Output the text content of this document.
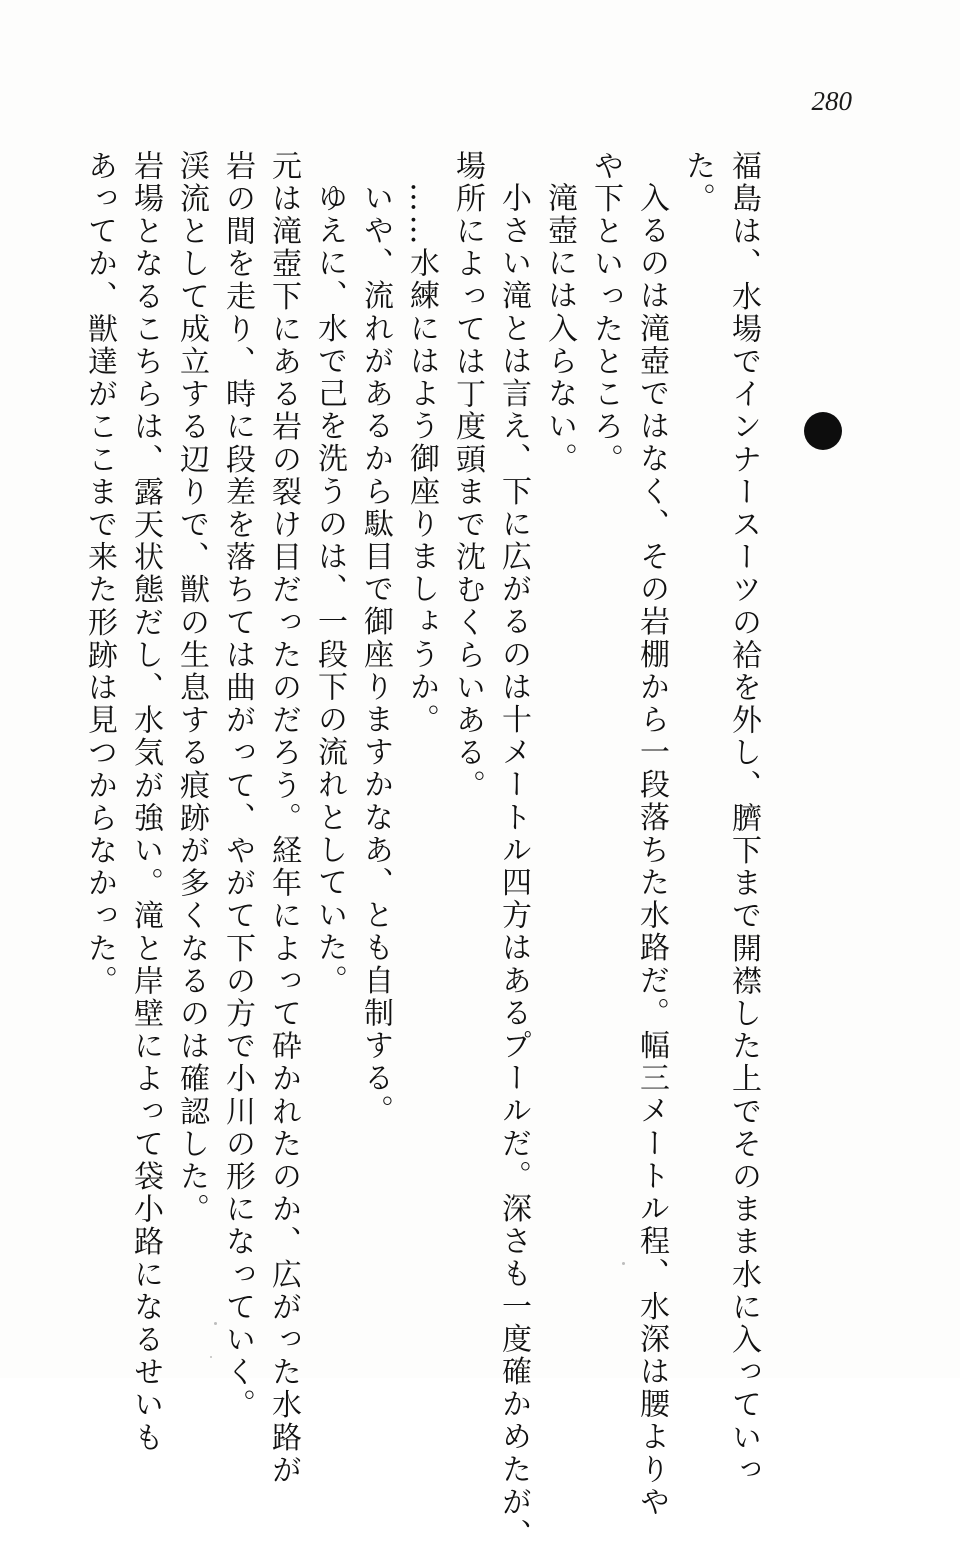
280
福島は、水場でインナースーツの袷を外し、臍下まで開襟した上でそのまま水に入っていっ
た。
入るのは滝壺ではなく、その岩棚から一段落ちた水路だ。幅三メートル程、水深は腰よりや
や下といったところ。
滝壺には入らない。
小さい滝とは言え、下に広がるのは十メートル四方はあるプールだ。深さも一度確かめたが、
場所によっては丁度頭まで沈むくらいある。
……水練にはよう御座りましょうか。
いや、流れがあるから駄目で御座りますかなあ、とも自制する。
ゆえに、水で己を洗うのは、一段下の流れとしていた。
元は滝壺下にある岩の裂け目だったのだろう。経年によって砕かれたのか、広がった水路が
岩の間を走り、時に段差を落ちては曲がって、やがて下の方で小川の形になっていく。
渓流として成立する辺りで、獣の生息する痕跡が多くなるのは確認した。
岩場となるこちらは、露天状態だし、水気が強い。滝と岸壁によって袋小路になるせいも
あってか、獣達がここまで来た形跡は見つからなかった。
